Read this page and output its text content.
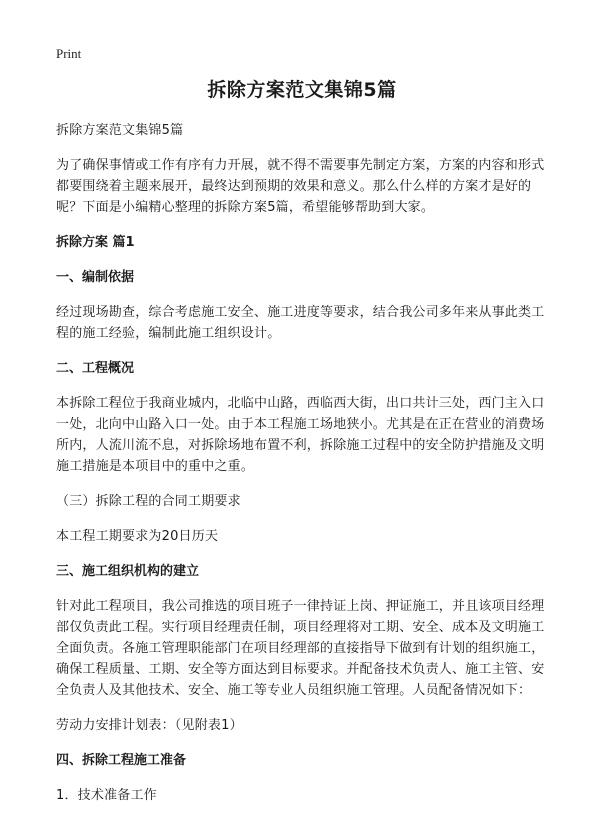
Print
拆除方案范文集锦5篇
拆除方案范文集锦5篇
为了确保事情或工作有序有力开展，就不得不需要事先制定方案，方案的内容和形式都要围绕着主题来展开，最终达到预期的效果和意义。那么什么样的方案才是好的呢？下面是小编精心整理的拆除方案5篇，希望能够帮助到大家。
拆除方案 篇1
一、编制依据
经过现场勘查，综合考虑施工安全、施工进度等要求，结合我公司多年来从事此类工程的施工经验，编制此施工组织设计。
二、工程概况
本拆除工程位于我商业城内，北临中山路，西临西大街，出口共计三处，西门主入口一处，北向中山路入口一处。由于本工程施工场地狭小。尤其是在正在营业的消费场所内，人流川流不息，对拆除场地布置不利，拆除施工过程中的安全防护措施及文明施工措施是本项目中的重中之重。
（三）拆除工程的合同工期要求
本工程工期要求为20日历天
三、施工组织机构的建立
针对此工程项目，我公司推选的项目班子一律持证上岗、押证施工，并且该项目经理部仅负责此工程。实行项目经理责任制，项目经理将对工期、安全、成本及文明施工全面负责。各施工管理职能部门在项目经理部的直接指导下做到有计划的组织施工，确保工程质量、工期、安全等方面达到目标要求。并配备技术负责人、施工主管、安全负责人及其他技术、安全、施工等专业人员组织施工管理。人员配备情况如下：
劳动力安排计划表：（见附表1）
四、拆除工程施工准备
1．技术准备工作
